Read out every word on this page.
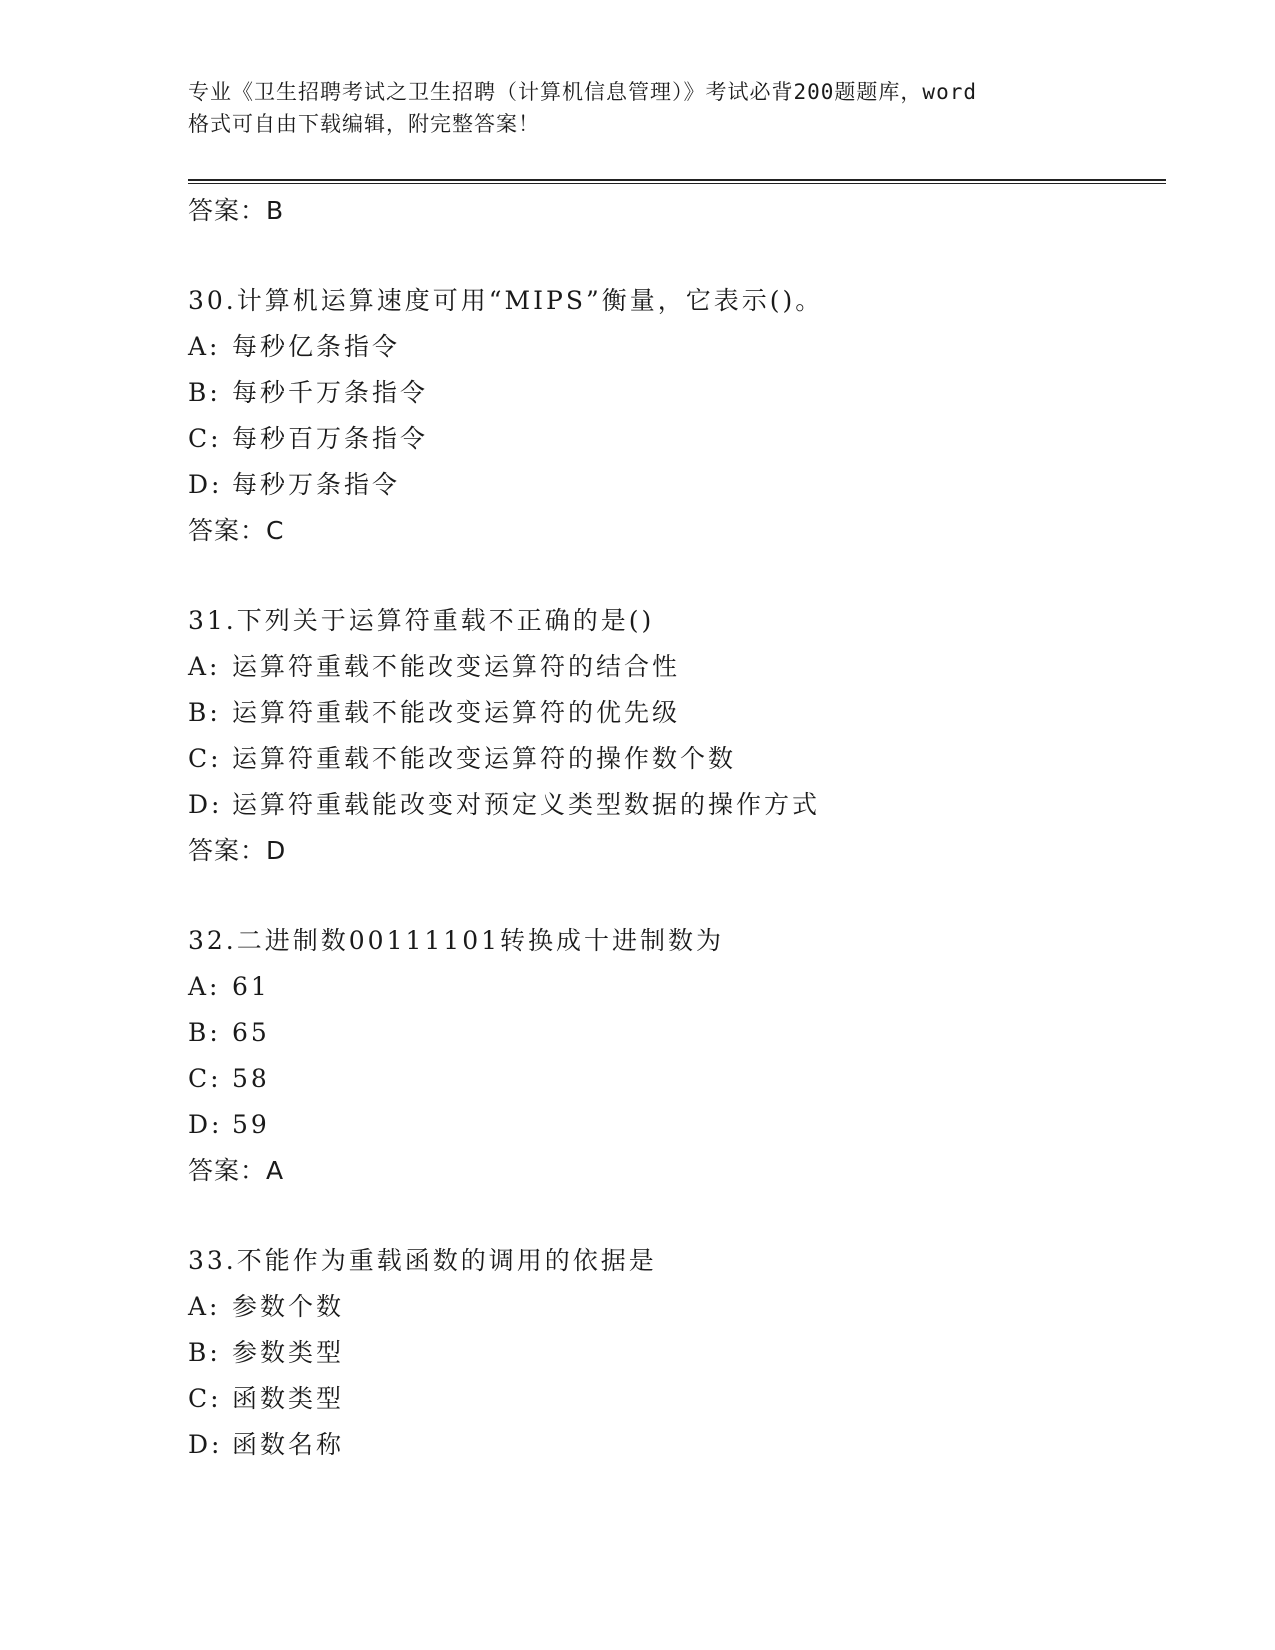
专业《卫生招聘考试之卫生招聘（计算机信息管理）》考试必背200题题库，word
格式可自由下载编辑，附完整答案！
答案：B
30.计算机运算速度可用“MIPS”衡量，它表示()。
A: 每秒亿条指令
B: 每秒千万条指令
C: 每秒百万条指令
D: 每秒万条指令
答案：C
31.下列关于运算符重载不正确的是()
A: 运算符重载不能改变运算符的结合性
B: 运算符重载不能改变运算符的优先级
C: 运算符重载不能改变运算符的操作数个数
D: 运算符重载能改变对预定义类型数据的操作方式
答案：D
32.二进制数00111101转换成十进制数为
A: 61
B: 65
C: 58
D: 59
答案：A
33.不能作为重载函数的调用的依据是
A: 参数个数
B: 参数类型
C: 函数类型
D: 函数名称
